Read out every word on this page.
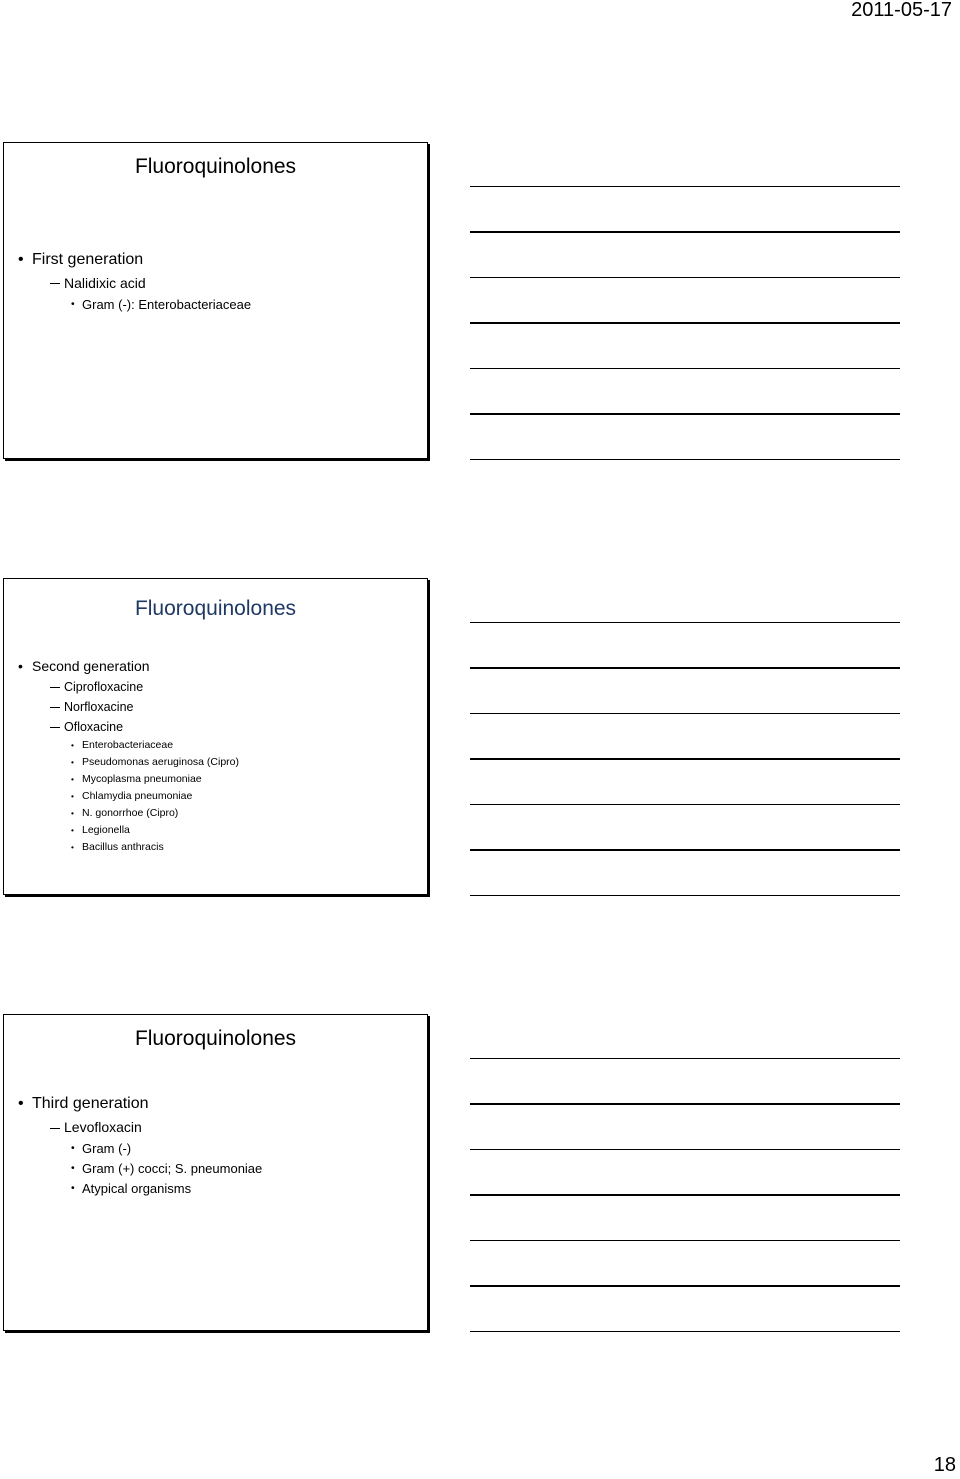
2011-05-17
Fluoroquinolones
• First generation
Nalidixic acid
• Gram (-): Enterobacteriaceae
Fluoroquinolones
• Second generation
Ciprofloxacine
Norfloxacine
Ofloxacine
• Enterobacteriaceae
• Pseudomonas aeruginosa (Cipro)
• Mycoplasma pneumoniae
• Chlamydia pneumoniae
• N. gonorrhoe (Cipro)
• Legionella
• Bacillus anthracis
Fluoroquinolones
• Third generation
Levofloxacin
• Gram (-)
• Gram (+) cocci; S. pneumoniae
• Atypical organisms
18
